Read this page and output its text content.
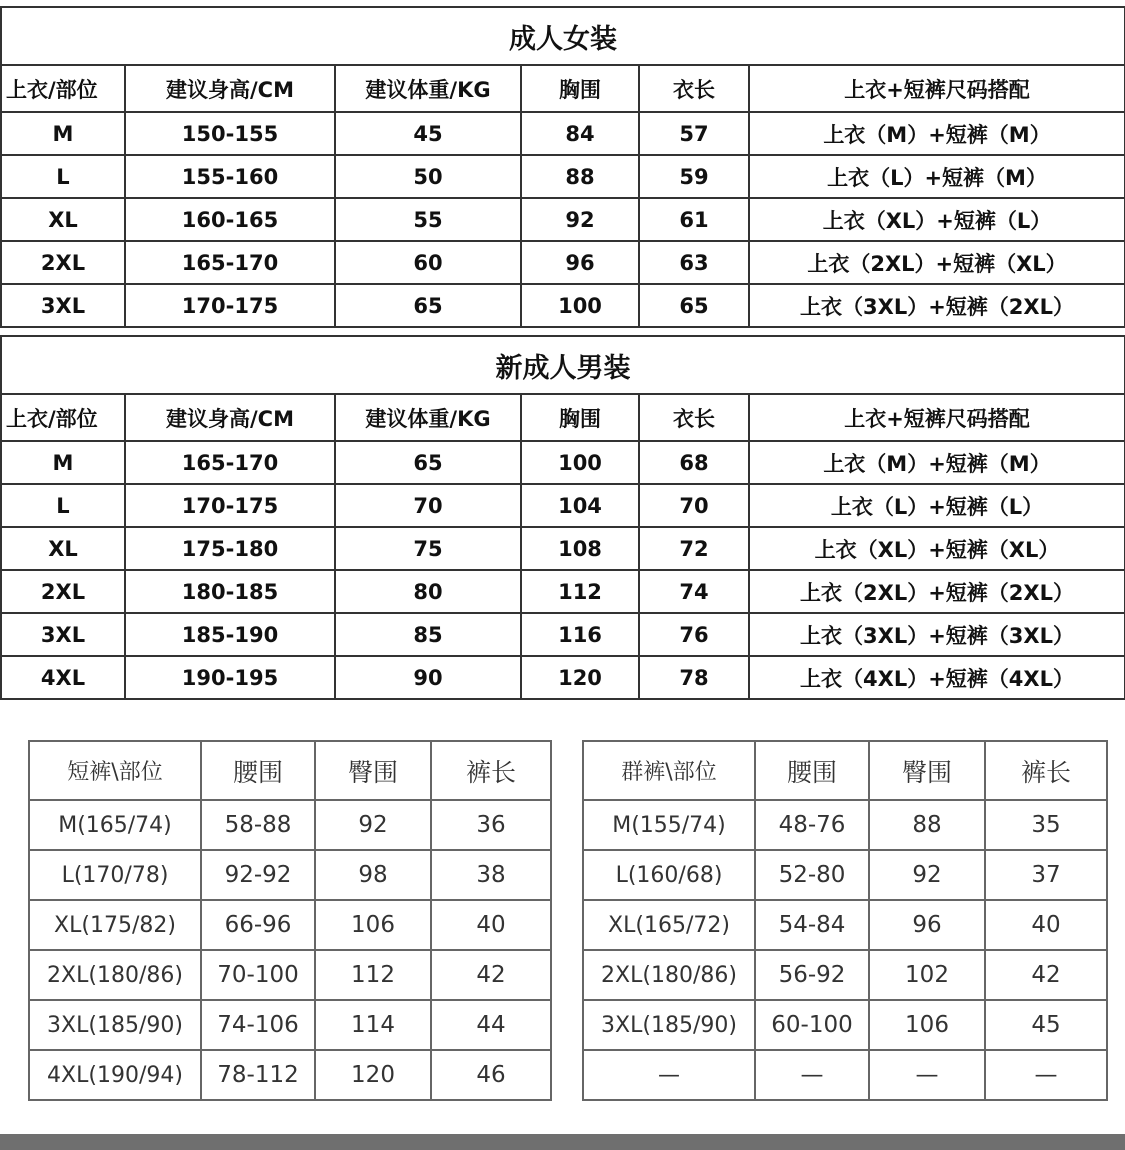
成人女装					
上衣/部位	建议身高/CM	建议体重/KG	胸围	衣长	上衣+短裤尺码搭配
M	150-155	45	84	57	上衣（M）+短裤（M）
L	155-160	50	88	59	上衣（L）+短裤（M）
XL	160-165	55	92	61	上衣（XL）+短裤（L）
2XL	165-170	60	96	63	上衣（2XL）+短裤（XL）
3XL	170-175	65	100	65	上衣（3XL）+短裤（2XL）
新成人男装					
上衣/部位	建议身高/CM	建议体重/KG	胸围	衣长	上衣+短裤尺码搭配
M	165-170	65	100	68	上衣（M）+短裤（M）
L	170-175	70	104	70	上衣（L）+短裤（L）
XL	175-180	75	108	72	上衣（XL）+短裤（XL）
2XL	180-185	80	112	74	上衣（2XL）+短裤（2XL）
3XL	185-190	85	116	76	上衣（3XL）+短裤（3XL）
4XL	190-195	90	120	78	上衣（4XL）+短裤（4XL）
短裤\部位	腰围	臀围	裤长
M(165/74)	58-88	92	36
L(170/78)	92-92	98	38
XL(175/82)	66-96	106	40
2XL(180/86)	70-100	112	42
3XL(185/90)	74-106	114	44
4XL(190/94)	78-112	120	46
群裤\部位	腰围	臀围	裤长
M(155/74)	48-76	88	35
L(160/68)	52-80	92	37
XL(165/72)	54-84	96	40
2XL(180/86)	56-92	102	42
3XL(185/90)	60-100	106	45
—	—	—	—
